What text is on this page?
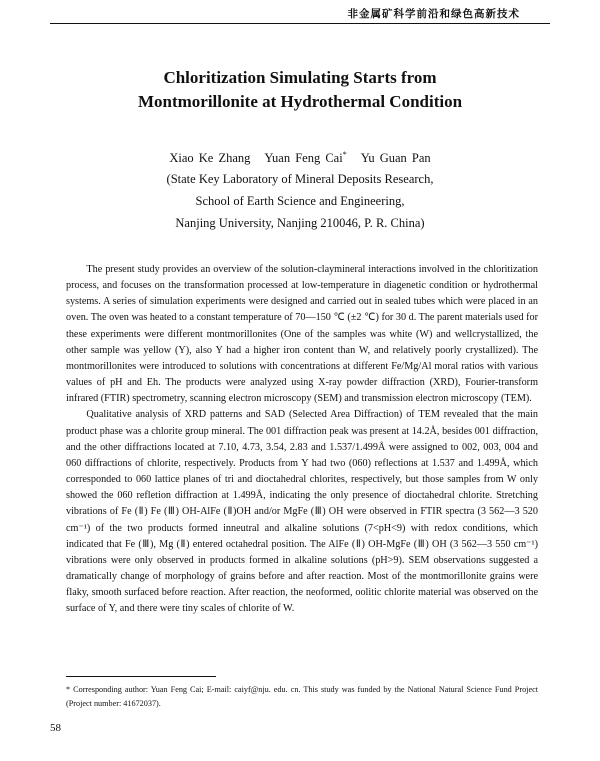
非金属矿科学前沿和绿色高新技术
Chloritization Simulating Starts from
Montmorillonite at Hydrothermal Condition
Xiao Ke Zhang Yuan Feng Cai* Yu Guan Pan
(State Key Laboratory of Mineral Deposits Research,
School of Earth Science and Engineering,
Nanjing University, Nanjing 210046, P. R. China)

The present study provides an overview of the solution-claymineral interactions involved in the chloritization process, and focuses on the transformation processed at low-temperature in diagenetic condition or hydrothermal systems. A series of simulation experiments were designed and carried out in sealed tubes which were placed in an oven. The oven was heated to a constant temperature of 70—150 ℃ (±2 ℃) for 30 d. The parent materials used for these experiments were different montmorillonites (One of the samples was white (W) and wellcrystallized, the other sample was yellow (Y), also Y had a higher iron content than W, and relatively poorly crystallized). The montmorillonites were introduced to solutions with concentrations at different Fe/Mg/Al moral ratios with various values of pH and Eh. The products were analyzed using X-ray powder diffraction (XRD), Fourier-transform infrared (FTIR) spectrometry, scanning electron microscopy (SEM) and transmission electron microscopy (TEM).

Qualitative analysis of XRD patterns and SAD (Selected Area Diffraction) of TEM revealed that the main product phase was a chlorite group mineral. The 001 diffraction peak was present at 14.2Å, besides 001 diffraction, and the other diffractions located at 7.10, 4.73, 3.54, 2.83 and 1.537/1.499Å were assigned to 002, 003, 004 and 060 diffractions of chlorite, respectively. Products from Y had two (060) reflections at 1.537 and 1.499Å, which corresponded to 060 lattice planes of tri and dioctahedral chlorites, respectively, but those samples from W only showed the 060 refletion diffraction at 1.499Å, indicating the only presence of dioctahedral chlorite. Stretching vibrations of Fe (Ⅱ) Fe (Ⅲ) OH-AlFe (Ⅱ)OH and/or MgFe (Ⅲ) OH were observed in FTIR spectra (3 562—3 520 cm⁻¹) of the two products formed inneutral and alkaline solutions (7<pH<9) with redox conditions, which indicated that Fe (Ⅲ), Mg (Ⅱ) entered octahedral position. The AlFe (Ⅱ) OH-MgFe (Ⅲ) OH (3 562—3 550 cm⁻¹) vibrations were only observed in products formed in alkaline solutions (pH>9). SEM observations suggested a dramatically change of morphology of grains before and after reaction. Most of the montmorillonite grains were flaky, smooth surfaced before reaction. After reaction, the neoformed, oolitic chlorite material was observed on the surface of Y, and there were tiny scales of chlorite of W.

* Corresponding author: Yuan Feng Cai; E-mail: caiyf@nju. edu. cn. This study was funded by the National Natural Science Fund Project (Project number: 41672037).
58
